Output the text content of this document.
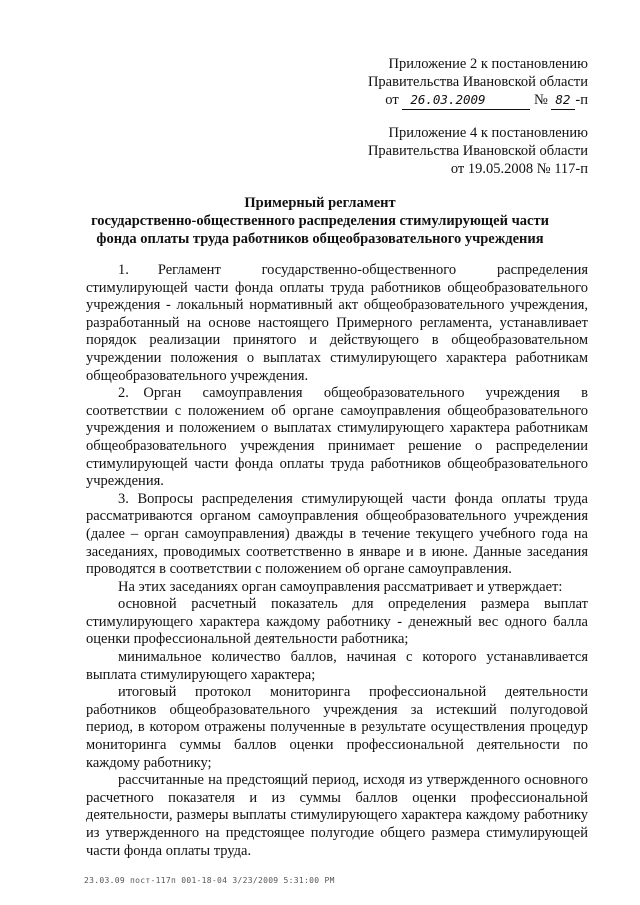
Приложение 2 к постановлению
Правительства Ивановской области
от 26.03.2009	№ 82 -п
Приложение 4 к постановлению
Правительства Ивановской области
от 19.05.2008 № 117-п
Примерный регламент
государственно-общественного распределения стимулирующей части
фонда оплаты труда работников общеобразовательного учреждения

1.  Регламент государственно-общественного распределения стимулирующей части фонда оплаты труда работников общеобразовательного учреждения - локальный нормативный акт общеобразовательного учреждения, разработанный на основе настоящего Примерного регламента, устанавливает порядок реализации принятого и действующего в общеобразовательном учреждении положения о выплатах стимулирующего характера работникам общеобразовательного учреждения.

2. Орган самоуправления общеобразовательного учреждения в соответствии с положением об органе самоуправления общеобразовательного учреждения и положением о выплатах стимулирующего характера работникам общеобразовательного учреждения принимает решение о распределении стимулирующей части фонда оплаты труда работников общеобразовательного учреждения.

3. Вопросы распределения стимулирующей части фонда оплаты труда рассматриваются органом самоуправления общеобразовательного учреждения (далее – орган самоуправления) дважды в течение текущего учебного года на заседаниях, проводимых соответственно в январе и в июне. Данные заседания проводятся в соответствии с положением об органе самоуправления.

На этих заседаниях орган самоуправления рассматривает и утверждает:

основной расчетный показатель для определения размера выплат стимулирующего характера каждому работнику - денежный вес одного балла оценки профессиональной деятельности работника;

минимальное количество баллов, начиная с которого устанавливается выплата стимулирующего характера;

итоговый протокол мониторинга профессиональной деятельности работников общеобразовательного учреждения за истекший полугодовой период, в котором отражены полученные в результате осуществления процедур мониторинга суммы баллов оценки профессиональной деятельности по каждому работнику;

рассчитанные на предстоящий период, исходя из утвержденного основного расчетного показателя и из суммы баллов оценки профессиональной деятельности, размеры выплаты стимулирующего характера каждому работнику из утвержденного на предстоящее полугодие общего размера стимулирующей части фонда оплаты труда.

23.03.09 пост-117п 001-18-04 3/23/2009 5:31:00 PM
